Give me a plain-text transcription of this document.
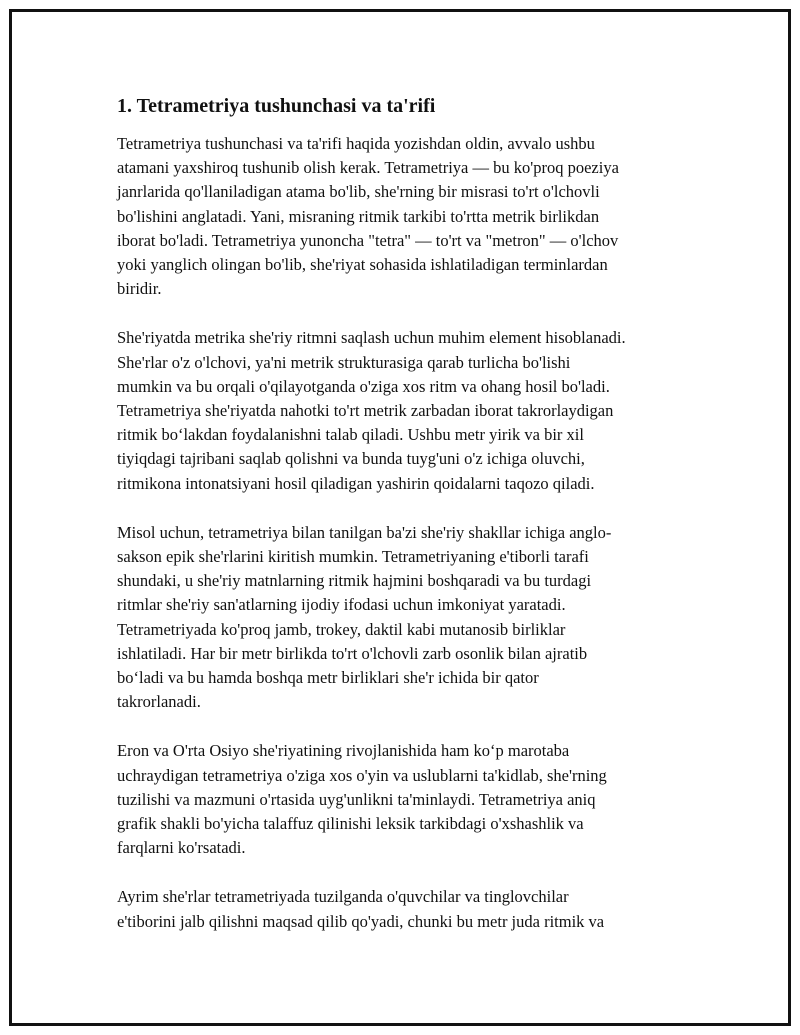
1. Tetrametriya tushunchasi va ta'rifi

Tetrametriya tushunchasi va ta'rifi haqida yozishdan oldin, avvalo ushbu
atamani yaxshiroq tushunib olish kerak. Tetrametriya — bu ko'proq poeziya
janrlarida qo'llaniladigan atama bo'lib, she'rning bir misrasi to'rt o'lchovli
bo'lishini anglatadi. Yani, misraning ritmik tarkibi to'rtta metrik birlikdan
iborat bo'ladi. Tetrametriya yunoncha "tetra" — to'rt va "metron" — o'lchov
yoki yanglich olingan bo'lib, she'riyat sohasida ishlatiladigan terminlardan
biridir.

She'riyatda metrika she'riy ritmni saqlash uchun muhim element hisoblanadi.
She'rlar o'z o'lchovi, ya'ni metrik strukturasiga qarab turlicha bo'lishi
mumkin va bu orqali o'qilayotganda o'ziga xos ritm va ohang hosil bo'ladi.
Tetrametriya she'riyatda nahotki to'rt metrik zarbadan iborat takrorlaydigan
ritmik bo‘lakdan foydalanishni talab qiladi. Ushbu metr yirik va bir xil
tiyiqdagi tajribani saqlab qolishni va bunda tuyg'uni o'z ichiga oluvchi,
ritmikona intonatsiyani hosil qiladigan yashirin qoidalarni taqozo qiladi.

Misol uchun, tetrametriya bilan tanilgan ba'zi she'riy shakllar ichiga anglo-
sakson epik she'rlarini kiritish mumkin. Tetrametriyaning e'tiborli tarafi
shundaki, u she'riy matnlarning ritmik hajmini boshqaradi va bu turdagi
ritmlar she'riy san'atlarning ijodiy ifodasi uchun imkoniyat yaratadi.
Tetrametriyada ko'proq jamb, trokey, daktil kabi mutanosib birliklar
ishlatiladi. Har bir metr birlikda to'rt o'lchovli zarb osonlik bilan ajratib
bo‘ladi va bu hamda boshqa metr birliklari she'r ichida bir qator
takrorlanadi.

Eron va O'rta Osiyo she'riyatining rivojlanishida ham ko‘p marotaba
uchraydigan tetrametriya o'ziga xos o'yin va uslublarni ta'kidlab, she'rning
tuzilishi va mazmuni o'rtasida uyg'unlikni ta'minlaydi. Tetrametriya aniq
grafik shakli bo'yicha talaffuz qilinishi leksik tarkibdagi o'xshashlik va
farqlarni ko'rsatadi.

Ayrim she'rlar tetrametriyada tuzilganda o'quvchilar va tinglovchilar
e'tiborini jalb qilishni maqsad qilib qo'yadi, chunki bu metr juda ritmik va
